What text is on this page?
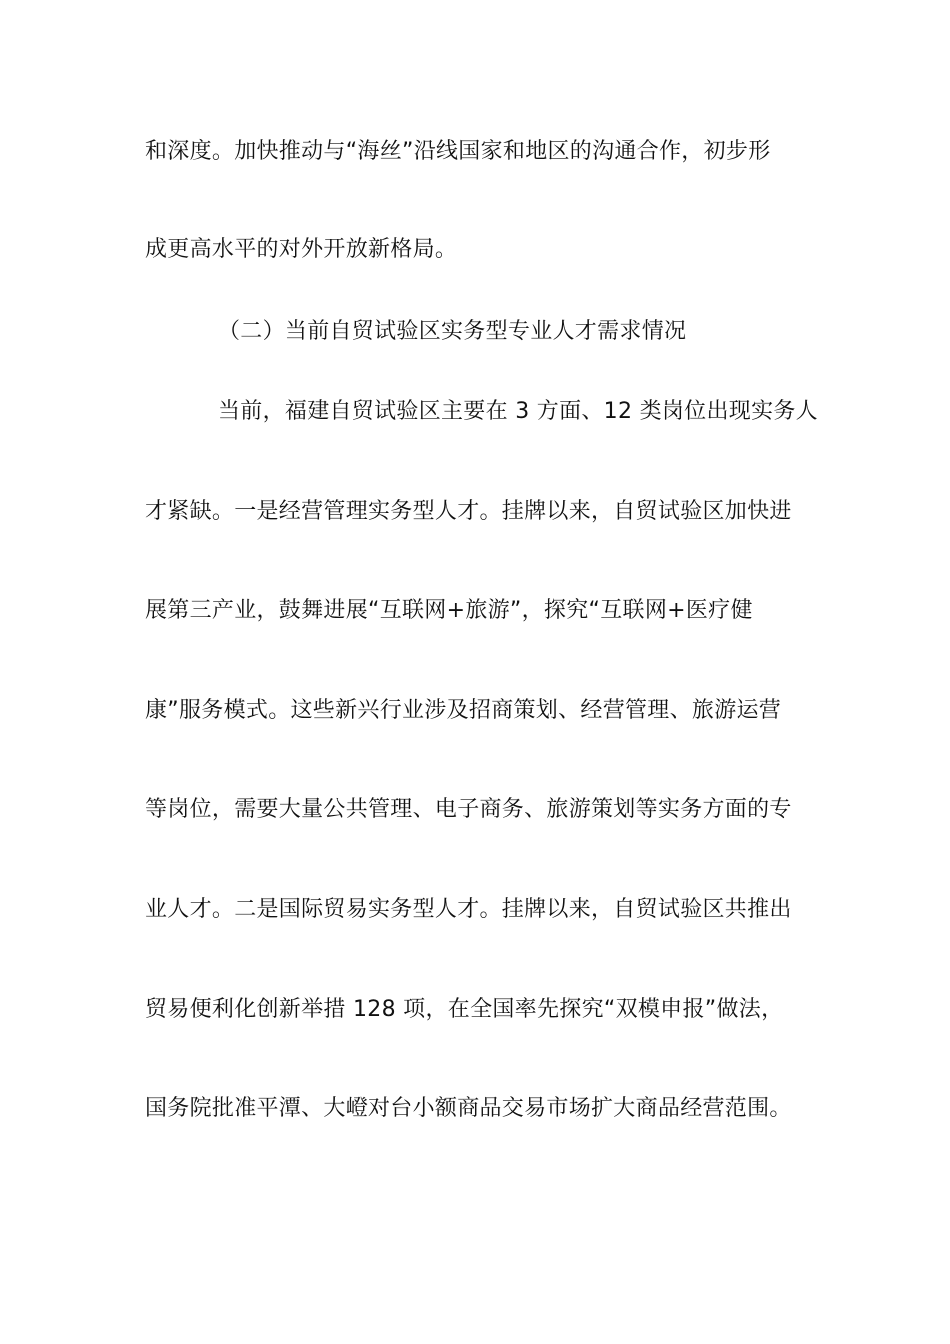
和深度。加快推动与“海丝”沿线国家和地区的沟通合作，初步形
成更高水平的对外开放新格局。
（二）当前自贸试验区实务型专业人才需求情况
当前，福建自贸试验区主要在 3 方面、12 类岗位出现实务人
才紧缺。一是经营管理实务型人才。挂牌以来，自贸试验区加快进
展第三产业，鼓舞进展“互联网+旅游”，探究“互联网+医疗健
康”服务模式。这些新兴行业涉及招商策划、经营管理、旅游运营
等岗位，需要大量公共管理、电子商务、旅游策划等实务方面的专
业人才。二是国际贸易实务型人才。挂牌以来，自贸试验区共推出
贸易便利化创新举措 128 项，在全国率先探究“双模申报”做法，
国务院批准平潭、大嶝对台小额商品交易市场扩大商品经营范围。
